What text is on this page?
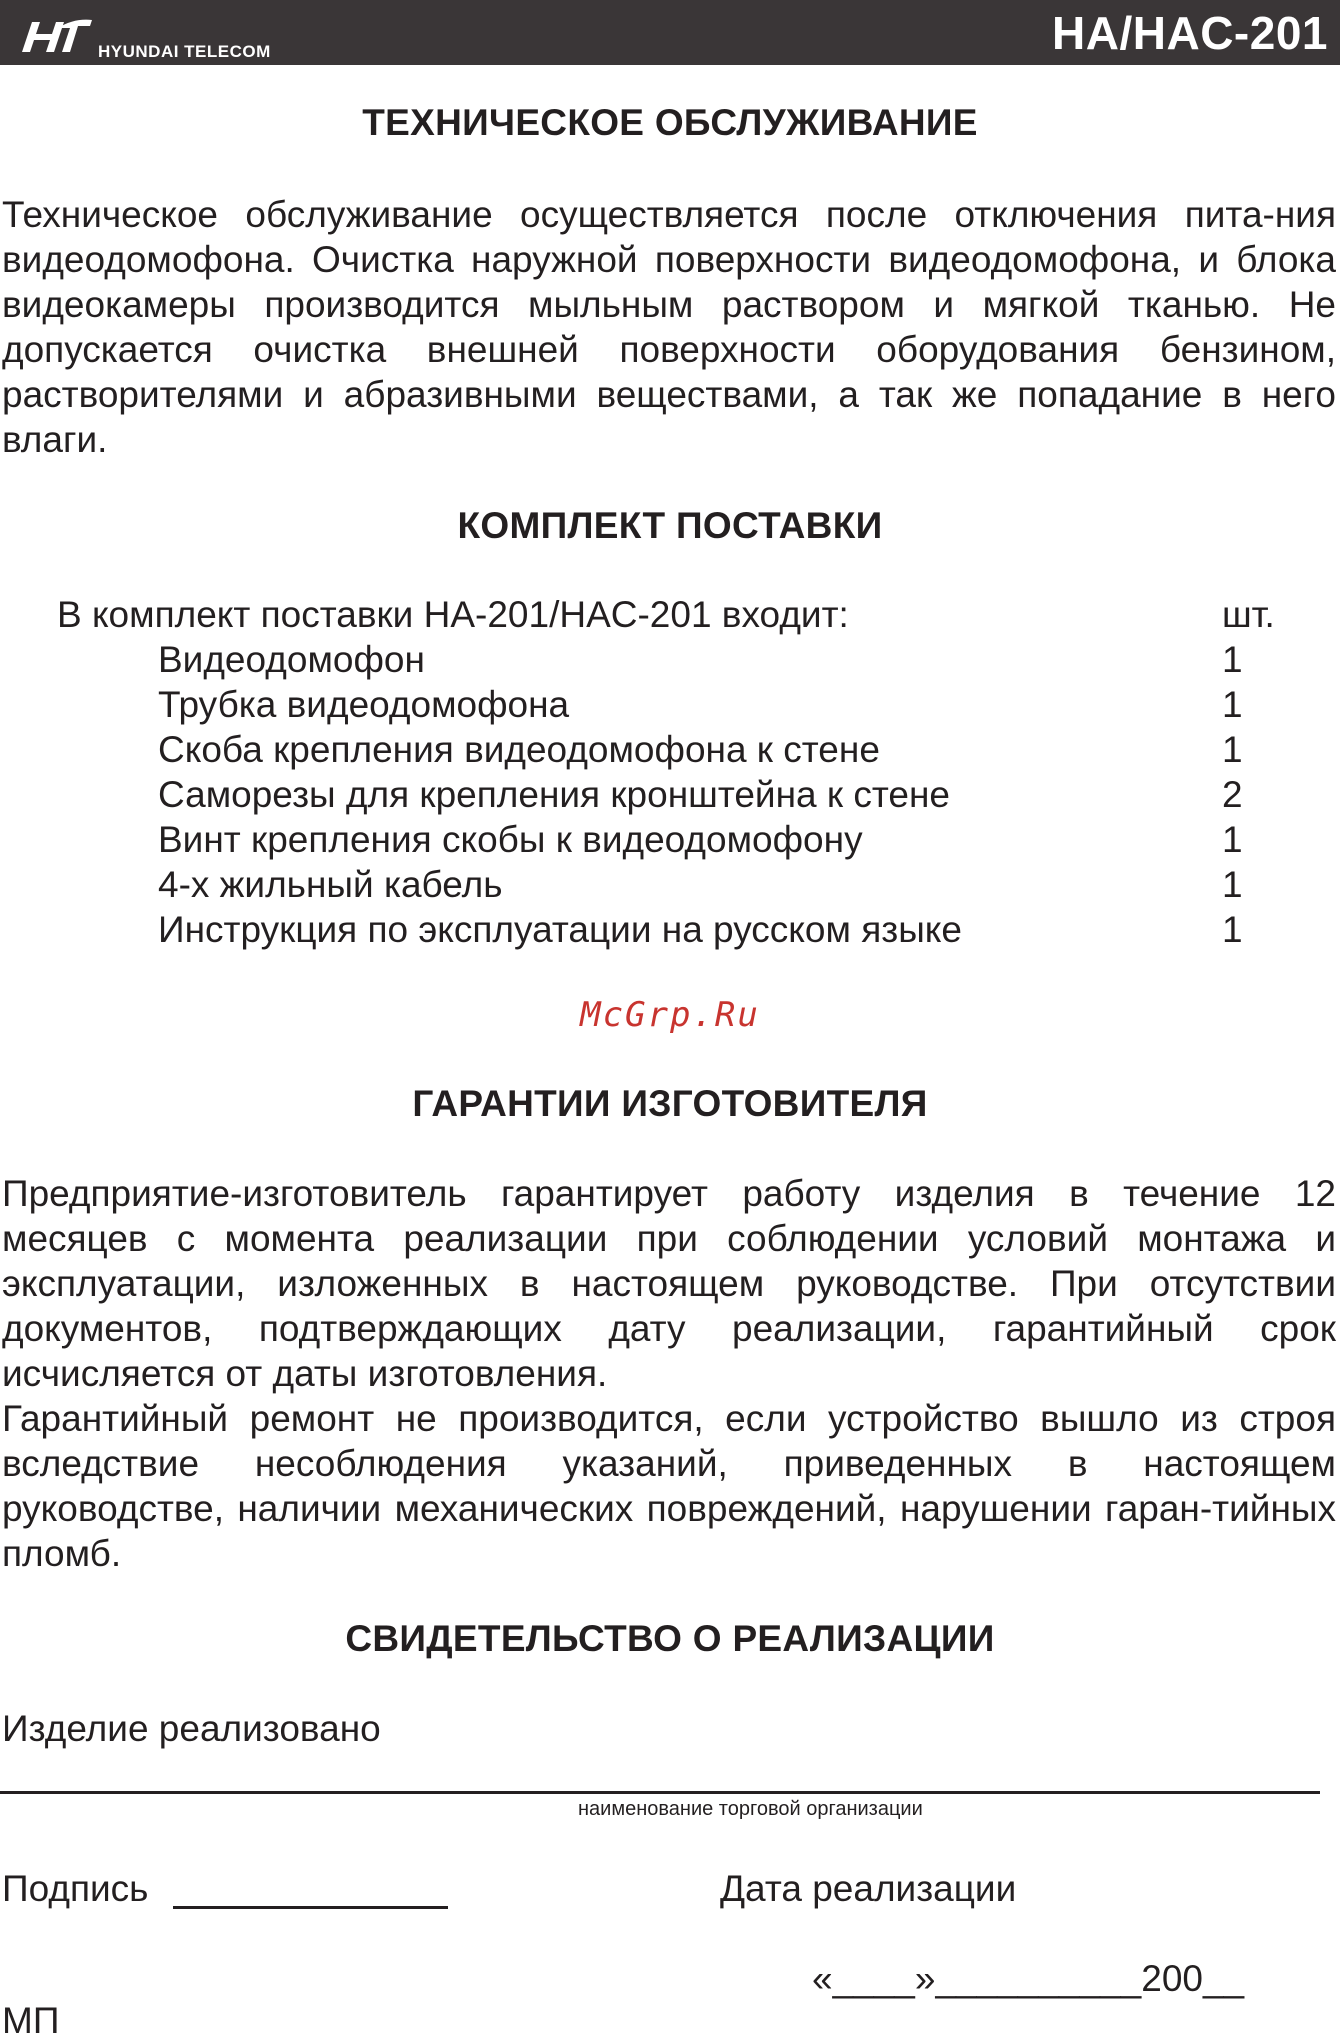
HYUNDAI TELECOM	HA/HAC-201
ТЕХНИЧЕСКОЕ ОБСЛУЖИВАНИЕ

Техническое обслуживание осуществляется после отключения пита-ния видеодомофона. Очистка наружной поверхности видеодомофона, и блока видеокамеры производится мыльным раствором и мягкой тканью. Не допускается очистка внешней поверхности оборудования бензином, растворителями и абразивными веществами, а так же попадание в него влаги.

КОМПЛЕКТ ПОСТАВКИ
В комплект поставки HA-201/HAC-201 входит:	шт.
Видеодомофон	1
Трубка видеодомофона	1
Скоба крепления видеодомофона к стене	1
Саморезы для крепления кронштейна к стене	2
Винт крепления скобы к видеодомофону	1
4-х жильный кабель	1
Инструкция по эксплуатации на русском языке	1
McGrp.Ru
ГАРАНТИИ ИЗГОТОВИТЕЛЯ

Предприятие-изготовитель гарантирует работу изделия в течение 12 месяцев с момента реализации при соблюдении условий монтажа и эксплуатации, изложенных в настоящем руководстве. При отсутствии документов, подтверждающих дату реализации, гарантийный срок исчисляется от даты изготовления.

Гарантийный ремонт не производится, если устройство вышло из строя вследствие несоблюдения указаний, приведенных в настоящем руководстве, наличии механических повреждений, нарушении гаран-тийных пломб.

СВИДЕТЕЛЬСТВО О РЕАЛИЗАЦИИ
Изделие реализовано
наименование торговой организации
Подпись	Дата реализации
«____»__________200__
МП
